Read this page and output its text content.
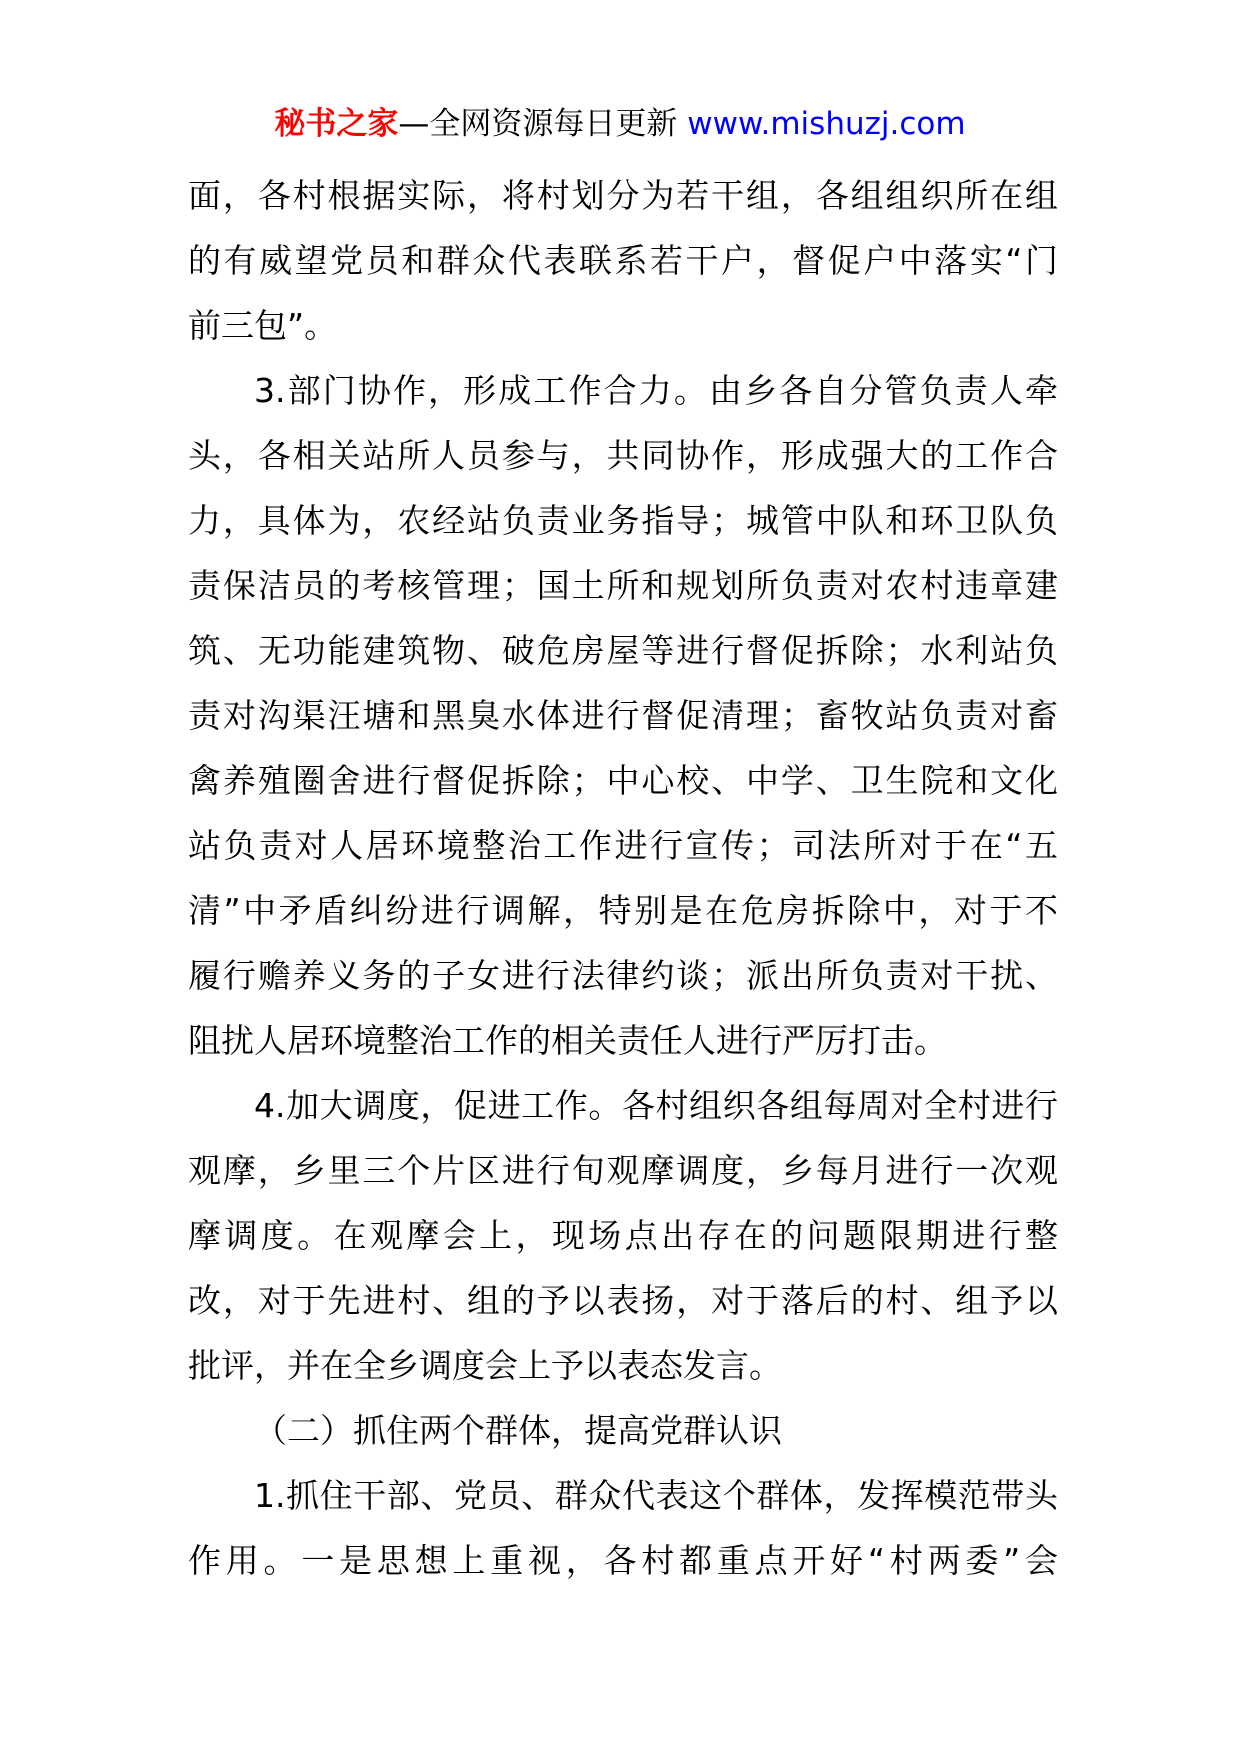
秘书之家—全网资源每日更新 www.mishuzj.com
面，各村根据实际，将村划分为若干组，各组组织所在组
的有威望党员和群众代表联系若干户，督促户中落实“门
前三包”。
3.部门协作，形成工作合力。由乡各自分管负责人牵
头，各相关站所人员参与，共同协作，形成强大的工作合
力，具体为，农经站负责业务指导；城管中队和环卫队负
责保洁员的考核管理；国土所和规划所负责对农村违章建
筑、无功能建筑物、破危房屋等进行督促拆除；水利站负
责对沟渠汪塘和黑臭水体进行督促清理；畜牧站负责对畜
禽养殖圈舍进行督促拆除；中心校、中学、卫生院和文化
站负责对人居环境整治工作进行宣传；司法所对于在“五
清”中矛盾纠纷进行调解，特别是在危房拆除中，对于不
履行赡养义务的子女进行法律约谈；派出所负责对干扰、
阻扰人居环境整治工作的相关责任人进行严厉打击。
4.加大调度，促进工作。各村组织各组每周对全村进行
观摩，乡里三个片区进行旬观摩调度，乡每月进行一次观
摩调度。在观摩会上，现场点出存在的问题限期进行整
改，对于先进村、组的予以表扬，对于落后的村、组予以
批评，并在全乡调度会上予以表态发言。
（二）抓住两个群体，提高党群认识
1.抓住干部、党员、群众代表这个群体，发挥模范带头
作用。一是思想上重视，各村都重点开好“村两委”会
